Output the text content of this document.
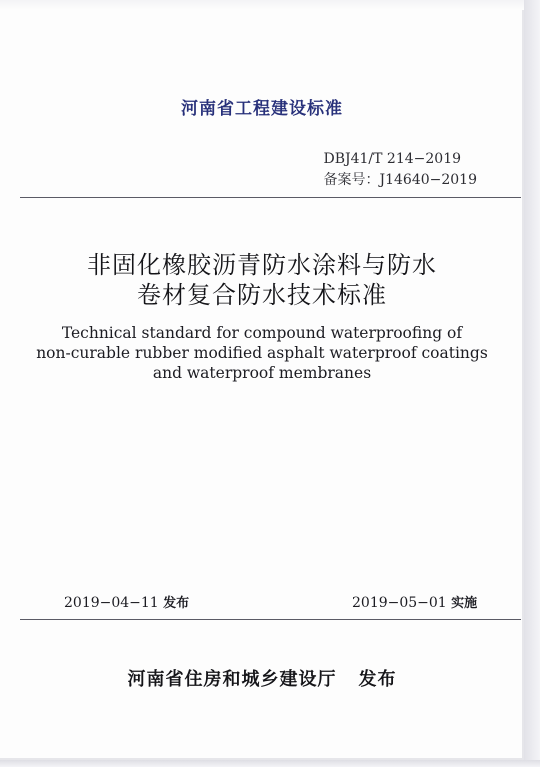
河南省工程建设标准
DBJ41/T 214−2019
备案号：J14640−2019
非固化橡胶沥青防水涂料与防水
卷材复合防水技术标准
Technical standard for compound waterproofing of
non-curable rubber modified asphalt waterproof coatings
and waterproof membranes
2019−04−11 发布	2019−05−01 实施
河南省住房和城乡建设厅 发布
